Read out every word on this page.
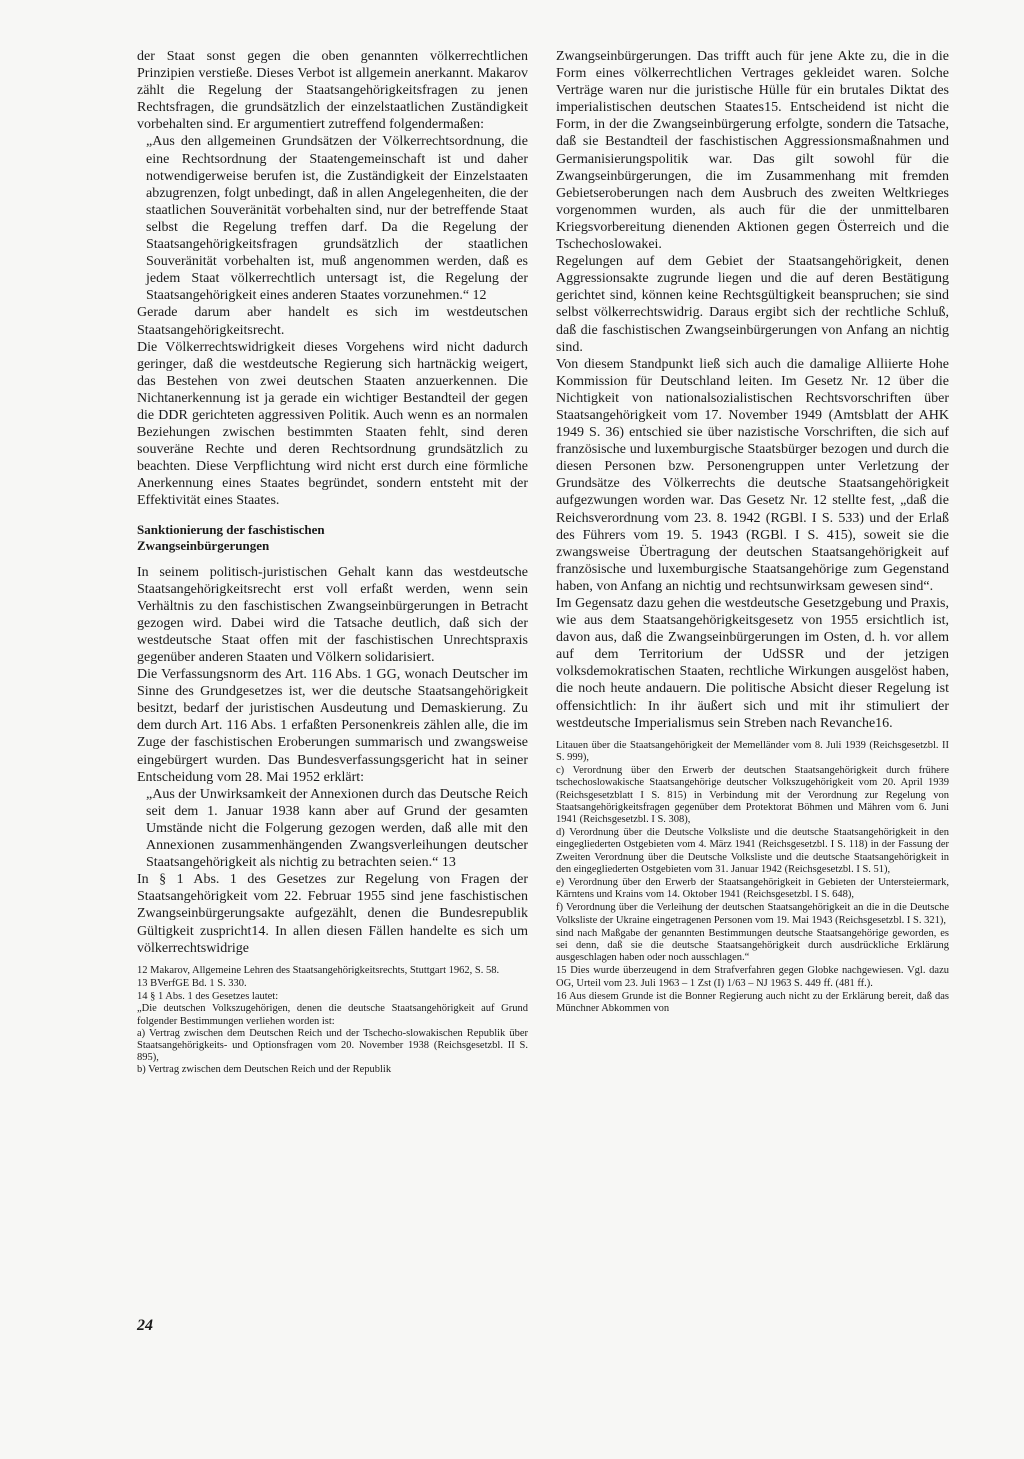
der Staat sonst gegen die oben genannten völkerrechtlichen Prinzipien verstieße. Dieses Verbot ist allgemein anerkannt. Makarov zählt die Regelung der Staatsangehörigkeitsfragen zu jenen Rechtsfragen, die grundsätzlich der einzelstaatlichen Zuständigkeit vorbehalten sind. Er argumentiert zutreffend folgendermaßen:

„Aus den allgemeinen Grundsätzen der Völkerrechtsordnung, die eine Rechtsordnung der Staatengemeinschaft ist und daher notwendigerweise berufen ist, die Zuständigkeit der Einzelstaaten abzugrenzen, folgt unbedingt, daß in allen Angelegenheiten, die der staatlichen Souveränität vorbehalten sind, nur der betreffende Staat selbst die Regelung treffen darf. Da die Regelung der Staatsangehörigkeitsfragen grundsätzlich der staatlichen Souveränität vorbehalten ist, muß angenommen werden, daß es jedem Staat völkerrechtlich untersagt ist, die Regelung der Staatsangehörigkeit eines anderen Staates vorzunehmen.“ 12

Gerade darum aber handelt es sich im westdeutschen Staatsangehörigkeitsrecht.

Die Völkerrechtswidrigkeit dieses Vorgehens wird nicht dadurch geringer, daß die westdeutsche Regierung sich hartnäckig weigert, das Bestehen von zwei deutschen Staaten anzuerkennen. Die Nichtanerkennung ist ja gerade ein wichtiger Bestandteil der gegen die DDR gerichteten aggressiven Politik. Auch wenn es an normalen Beziehungen zwischen bestimmten Staaten fehlt, sind deren souveräne Rechte und deren Rechtsordnung grundsätzlich zu beachten. Diese Verpflichtung wird nicht erst durch eine förmliche Anerkennung eines Staates begründet, sondern entsteht mit der Effektivität eines Staates.

Sanktionierung der faschistischen
Zwangseinbürgerungen

In seinem politisch-juristischen Gehalt kann das westdeutsche Staatsangehörigkeitsrecht erst voll erfaßt werden, wenn sein Verhältnis zu den faschistischen Zwangseinbürgerungen in Betracht gezogen wird. Dabei wird die Tatsache deutlich, daß sich der westdeutsche Staat offen mit der faschistischen Unrechtspraxis gegenüber anderen Staaten und Völkern solidarisiert.

Die Verfassungsnorm des Art. 116 Abs. 1 GG, wonach Deutscher im Sinne des Grundgesetzes ist, wer die deutsche Staatsangehörigkeit besitzt, bedarf der juristischen Ausdeutung und Demaskierung. Zu dem durch Art. 116 Abs. 1 erfaßten Personenkreis zählen alle, die im Zuge der faschistischen Eroberungen summarisch und zwangsweise eingebürgert wurden. Das Bundesverfassungsgericht hat in seiner Entscheidung vom 28. Mai 1952 erklärt:

„Aus der Unwirksamkeit der Annexionen durch das Deutsche Reich seit dem 1. Januar 1938 kann aber auf Grund der gesamten Umstände nicht die Folgerung gezogen werden, daß alle mit den Annexionen zusammenhängenden Zwangsverleihungen deutscher Staatsangehörigkeit als nichtig zu betrachten seien.“ 13

In § 1 Abs. 1 des Gesetzes zur Regelung von Fragen der Staatsangehörigkeit vom 22. Februar 1955 sind jene faschistischen Zwangseinbürgerungsakte aufgezählt, denen die Bundesrepublik Gültigkeit zuspricht14. In allen diesen Fällen handelte es sich um völkerrechtswidrige

12 Makarov, Allgemeine Lehren des Staatsangehörigkeitsrechts, Stuttgart 1962, S. 58.

13 BVerfGE Bd. 1 S. 330.

14 § 1 Abs. 1 des Gesetzes lautet:

„Die deutschen Volkszugehörigen, denen die deutsche Staatsangehörigkeit auf Grund folgender Bestimmungen verliehen worden ist:

a) Vertrag zwischen dem Deutschen Reich und der Tschecho-slowakischen Republik über Staatsangehörigkeits- und Optionsfragen vom 20. November 1938 (Reichsgesetzbl. II S. 895),

b) Vertrag zwischen dem Deutschen Reich und der Republik

Zwangseinbürgerungen. Das trifft auch für jene Akte zu, die in die Form eines völkerrechtlichen Vertrages gekleidet waren. Solche Verträge waren nur die juristische Hülle für ein brutales Diktat des imperialistischen deutschen Staates15. Entscheidend ist nicht die Form, in der die Zwangseinbürgerung erfolgte, sondern die Tatsache, daß sie Bestandteil der faschistischen Aggressionsmaßnahmen und Germanisierungspolitik war. Das gilt sowohl für die Zwangseinbürgerungen, die im Zusammenhang mit fremden Gebietseroberungen nach dem Ausbruch des zweiten Weltkrieges vorgenommen wurden, als auch für die der unmittelbaren Kriegsvorbereitung dienenden Aktionen gegen Österreich und die Tschechoslowakei.

Regelungen auf dem Gebiet der Staatsangehörigkeit, denen Aggressionsakte zugrunde liegen und die auf deren Bestätigung gerichtet sind, können keine Rechtsgültigkeit beanspruchen; sie sind selbst völkerrechtswidrig. Daraus ergibt sich der rechtliche Schluß, daß die faschistischen Zwangseinbürgerungen von Anfang an nichtig sind.

Von diesem Standpunkt ließ sich auch die damalige Alliierte Hohe Kommission für Deutschland leiten. Im Gesetz Nr. 12 über die Nichtigkeit von nationalsozialistischen Rechtsvorschriften über Staatsangehörigkeit vom 17. November 1949 (Amtsblatt der AHK 1949 S. 36) entschied sie über nazistische Vorschriften, die sich auf französische und luxemburgische Staatsbürger bezogen und durch die diesen Personen bzw. Personengruppen unter Verletzung der Grundsätze des Völkerrechts die deutsche Staatsangehörigkeit aufgezwungen worden war. Das Gesetz Nr. 12 stellte fest, „daß die Reichsverordnung vom 23. 8. 1942 (RGBl. I S. 533) und der Erlaß des Führers vom 19. 5. 1943 (RGBl. I S. 415), soweit sie die zwangsweise Übertragung der deutschen Staatsangehörigkeit auf französische und luxemburgische Staatsangehörige zum Gegenstand haben, von Anfang an nichtig und rechtsunwirksam gewesen sind“.

Im Gegensatz dazu gehen die westdeutsche Gesetzgebung und Praxis, wie aus dem Staatsangehörigkeitsgesetz von 1955 ersichtlich ist, davon aus, daß die Zwangseinbürgerungen im Osten, d. h. vor allem auf dem Territorium der UdSSR und der jetzigen volksdemokratischen Staaten, rechtliche Wirkungen ausgelöst haben, die noch heute andauern. Die politische Absicht dieser Regelung ist offensichtlich: In ihr äußert sich und mit ihr stimuliert der westdeutsche Imperialismus sein Streben nach Revanche16.

Litauen über die Staatsangehörigkeit der Memelländer vom 8. Juli 1939 (Reichsgesetzbl. II S. 999),

c) Verordnung über den Erwerb der deutschen Staatsangehörigkeit durch frühere tschechoslowakische Staatsangehörige deutscher Volkszugehörigkeit vom 20. April 1939 (Reichsgesetzblatt I S. 815) in Verbindung mit der Verordnung zur Regelung von Staatsangehörigkeitsfragen gegenüber dem Protektorat Böhmen und Mähren vom 6. Juni 1941 (Reichsgesetzbl. I S. 308),

d) Verordnung über die Deutsche Volksliste und die deutsche Staatsangehörigkeit in den eingegliederten Ostgebieten vom 4. März 1941 (Reichsgesetzbl. I S. 118) in der Fassung der Zweiten Verordnung über die Deutsche Volksliste und die deutsche Staatsangehörigkeit in den eingegliederten Ostgebieten vom 31. Januar 1942 (Reichsgesetzbl. I S. 51),

e) Verordnung über den Erwerb der Staatsangehörigkeit in Gebieten der Untersteiermark, Kärntens und Krains vom 14. Oktober 1941 (Reichsgesetzbl. I S. 648),

f) Verordnung über die Verleihung der deutschen Staatsangehörigkeit an die in die Deutsche Volksliste der Ukraine eingetragenen Personen vom 19. Mai 1943 (Reichsgesetzbl. I S. 321),

sind nach Maßgabe der genannten Bestimmungen deutsche Staatsangehörige geworden, es sei denn, daß sie die deutsche Staatsangehörigkeit durch ausdrückliche Erklärung ausgeschlagen haben oder noch ausschlagen.“

15 Dies wurde überzeugend in dem Strafverfahren gegen Globke nachgewiesen. Vgl. dazu OG, Urteil vom 23. Juli 1963 – 1 Zst (I) 1/63 – NJ 1963 S. 449 ff. (481 ff.).

16 Aus diesem Grunde ist die Bonner Regierung auch nicht zu der Erklärung bereit, daß das Münchner Abkommen von

24
